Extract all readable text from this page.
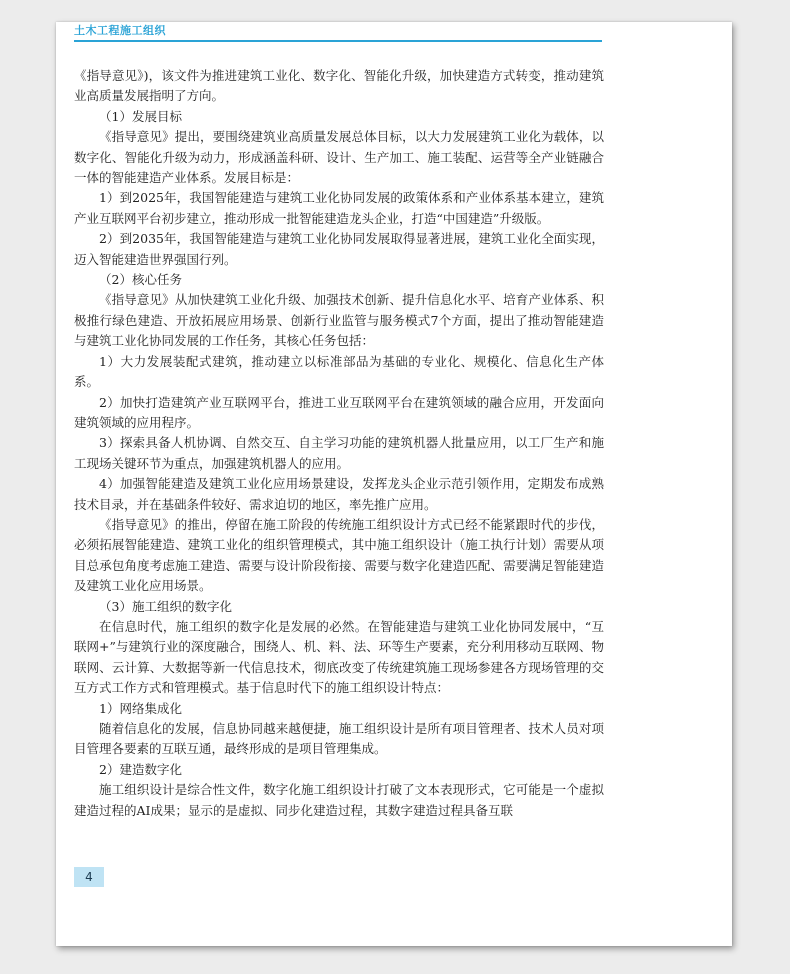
土木工程施工组织

《指导意见》)，该文件为推进建筑工业化、数字化、智能化升级，加快建造方式转变，推动建筑业高质量发展指明了方向。

（1）发展目标

《指导意见》提出，要围绕建筑业高质量发展总体目标，以大力发展建筑工业化为载体，以数字化、智能化升级为动力，形成涵盖科研、设计、生产加工、施工装配、运营等全产业链融合一体的智能建造产业体系。发展目标是：

1）到2025年，我国智能建造与建筑工业化协同发展的政策体系和产业体系基本建立，建筑产业互联网平台初步建立，推动形成一批智能建造龙头企业，打造“中国建造”升级版。

2）到2035年，我国智能建造与建筑工业化协同发展取得显著进展，建筑工业化全面实现，迈入智能建造世界强国行列。

（2）核心任务

《指导意见》从加快建筑工业化升级、加强技术创新、提升信息化水平、培育产业体系、积极推行绿色建造、开放拓展应用场景、创新行业监管与服务模式7个方面，提出了推动智能建造与建筑工业化协同发展的工作任务，其核心任务包括：

1）大力发展装配式建筑，推动建立以标准部品为基础的专业化、规模化、信息化生产体系。

2）加快打造建筑产业互联网平台，推进工业互联网平台在建筑领域的融合应用，开发面向建筑领域的应用程序。

3）探索具备人机协调、自然交互、自主学习功能的建筑机器人批量应用，以工厂生产和施工现场关键环节为重点，加强建筑机器人的应用。

4）加强智能建造及建筑工业化应用场景建设，发挥龙头企业示范引领作用，定期发布成熟技术目录，并在基础条件较好、需求迫切的地区，率先推广应用。

《指导意见》的推出，停留在施工阶段的传统施工组织设计方式已经不能紧跟时代的步伐，必须拓展智能建造、建筑工业化的组织管理模式，其中施工组织设计（施工执行计划）需要从项目总承包角度考虑施工建造、需要与设计阶段衔接、需要与数字化建造匹配、需要满足智能建造及建筑工业化应用场景。

（3）施工组织的数字化

在信息时代，施工组织的数字化是发展的必然。在智能建造与建筑工业化协同发展中，“互联网+”与建筑行业的深度融合，围绕人、机、料、法、环等生产要素，充分利用移动互联网、物联网、云计算、大数据等新一代信息技术，彻底改变了传统建筑施工现场参建各方现场管理的交互方式工作方式和管理模式。基于信息时代下的施工组织设计特点：

1）网络集成化

随着信息化的发展，信息协同越来越便捷，施工组织设计是所有项目管理者、技术人员对项目管理各要素的互联互通，最终形成的是项目管理集成。

2）建造数字化

施工组织设计是综合性文件，数字化施工组织设计打破了文本表现形式，它可能是一个虚拟建造过程的AI成果；显示的是虚拟、同步化建造过程，其数字建造过程具备互联

4
